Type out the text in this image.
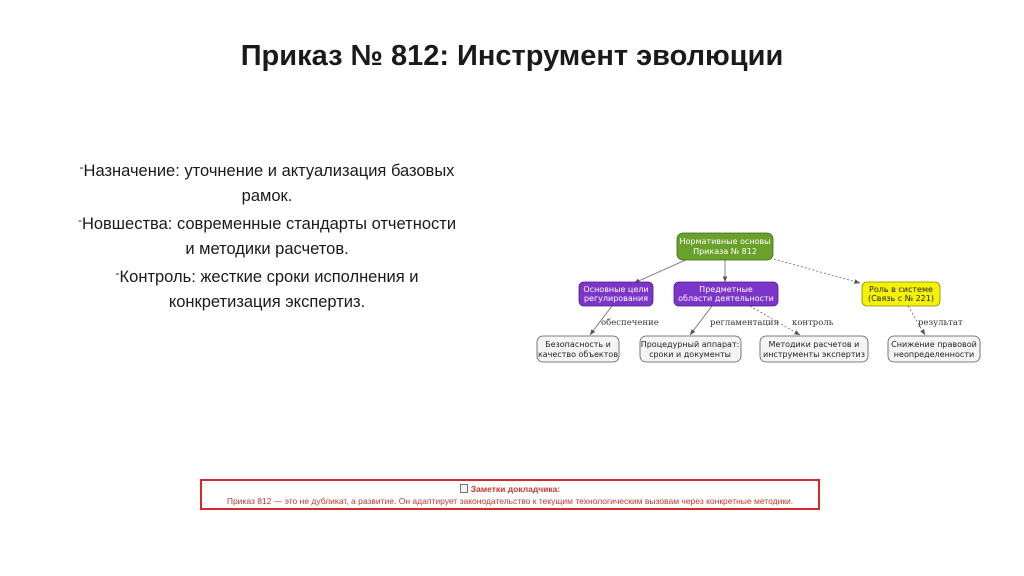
Приказ № 812: Инструмент эволюции

-Назначение: уточнение и актуализация базовых
рамок.

-Новшества: современные стандарты отчетности
и методики расчетов.

-Контроль: жесткие сроки исполнения и
конкретизация экспертиз.

обеспечение	регламентация контроль	результат
Нормативные основы
Приказа № 812
Основные цели
регулирования
Предметные
области деятельности
Роль в системе
(Связь с № 221)
Безопасность и
качество объектов
Процедурный аппарат:
сроки и документы
Методики расчетов и
инструменты экспертиз
Снижение правовой
неопределенности
Заметки докладчика:
Приказ 812 — это не дубликат, а развитие. Он адаптирует законодательство к текущим технологическим вызовам через конкретные методики.
